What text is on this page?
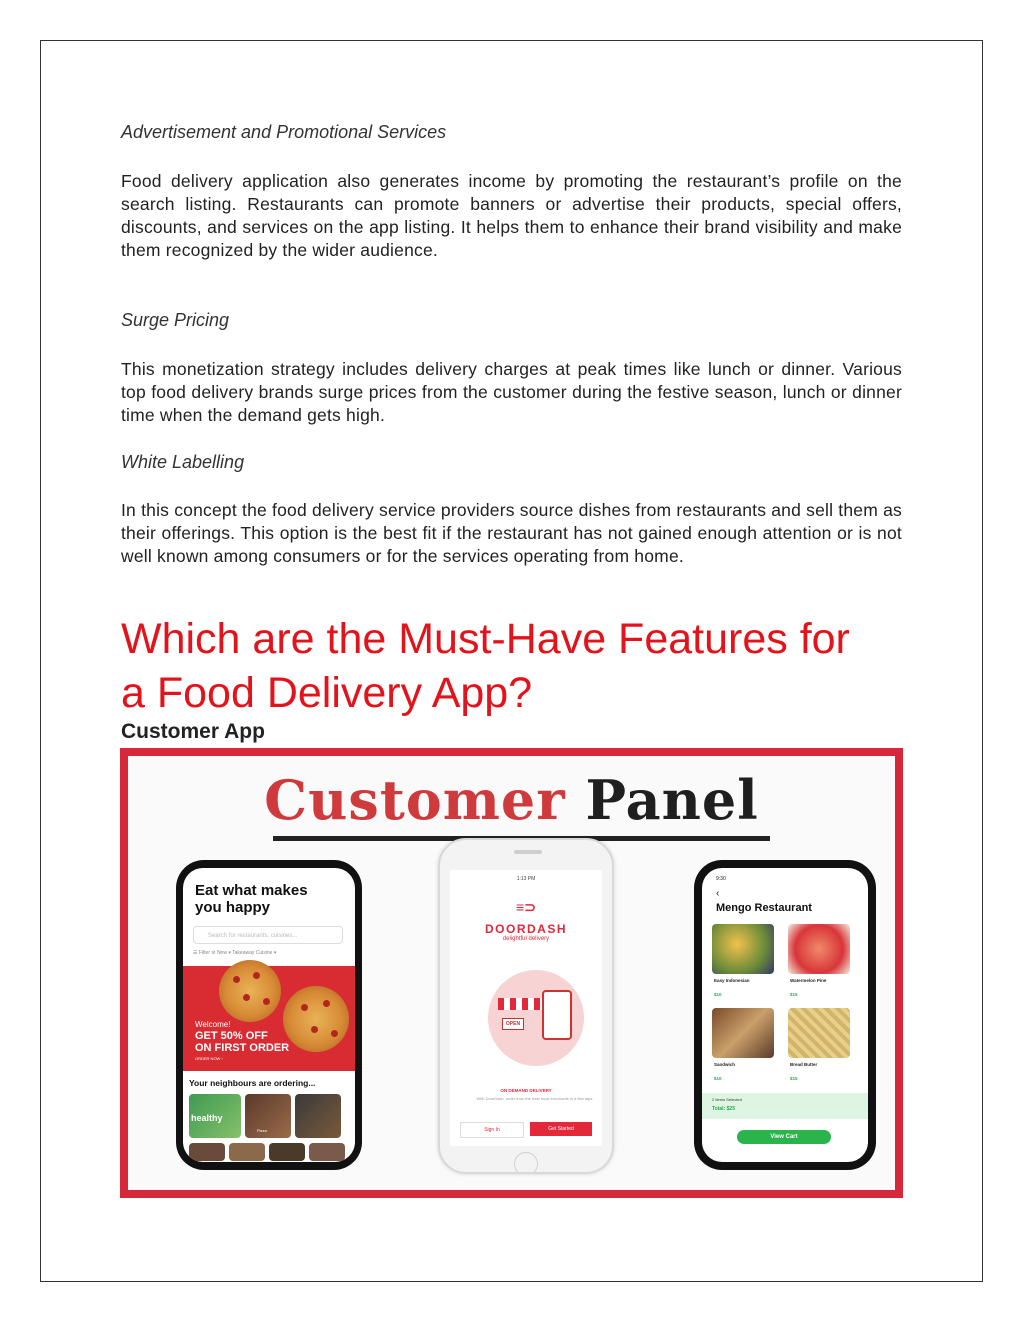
Advertisement and Promotional Services
Food delivery application also generates income by promoting the restaurant’s profile on the search listing. Restaurants can promote banners or advertise their products, special offers, discounts, and services on the app listing. It helps them to enhance their brand visibility and make them recognized by the wider audience.
Surge Pricing
This monetization strategy includes delivery charges at peak times like lunch or dinner. Various top food delivery brands surge prices from the customer during the festive season, lunch or dinner time when the demand gets high.
White Labelling
In this concept the food delivery service providers source dishes from restaurants and sell them as their offerings. This option is the best fit if the restaurant has not gained enough attention or is not well known among consumers or for the services operating from home.
Which are the Must-Have Features for
a Food Delivery App?
Customer App
Customer Panel
Eat what makes you happy
Search for restaurants, cuisines...
☰ Filter ⊘ Now ▾ Takeaway Cuisine ▾
Welcome!
GET 50% OFF
ON FIRST ORDER
ORDER NOW ›
Your neighbours are ordering...
healthy
Pizza
1:13 PM
≡⊃
DOORDASH
delightful delivery
OPEN
ON DEMAND DELIVERY
With DoorDash, order from the best local merchants in a few taps.
Sign In	Get Started
9:30
‹
Mengo Restaurant
Easy Indonesian	Watermelon Pine
$10	$15
Sandwich	Bread Butter
$10	$15
2 Items Selected
Total: $25
View Cart
